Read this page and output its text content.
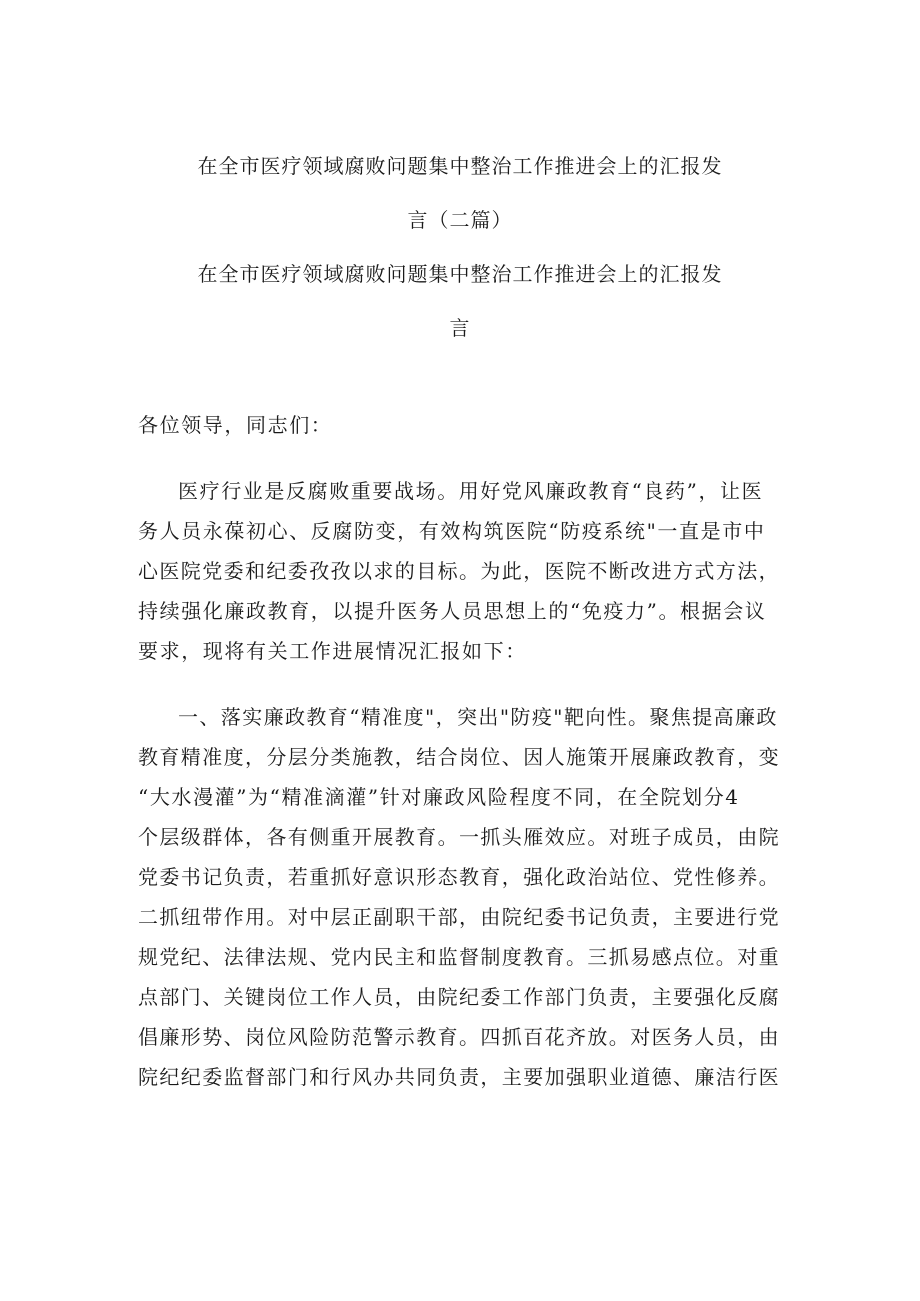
在全市医疗领域腐败问题集中整治工作推进会上的汇报发
言（二篇）
在全市医疗领域腐败问题集中整治工作推进会上的汇报发
言
各位领导，同志们：
医疗行业是反腐败重要战场。用好党风廉政教育“良药”，让医
务人员永葆初心、反腐防变，有效构筑医院“防疫系统"一直是市中
心医院党委和纪委孜孜以求的目标。为此，医院不断改进方式方法，
持续强化廉政教育，以提升医务人员思想上的“免疫力”。根据会议
要求，现将有关工作进展情况汇报如下：
一、落实廉政教育“精准度"，突出"防疫"靶向性。聚焦提高廉政
教育精准度，分层分类施教，结合岗位、因人施策开展廉政教育，变
“大水漫灌”为“精准滴灌”针对廉政风险程度不同，在全院划分4
个层级群体，各有侧重开展教育。一抓头雁效应。对班子成员，由院
党委书记负责，若重抓好意识形态教育，强化政治站位、党性修养。
二抓纽带作用。对中层正副职干部，由院纪委书记负责，主要进行党
规党纪、法律法规、党内民主和监督制度教育。三抓易感点位。对重
点部门、关键岗位工作人员，由院纪委工作部门负责，主要强化反腐
倡廉形势、岗位风险防范警示教育。四抓百花齐放。对医务人员，由
院纪纪委监督部门和行风办共同负责，主要加强职业道德、廉洁行医
